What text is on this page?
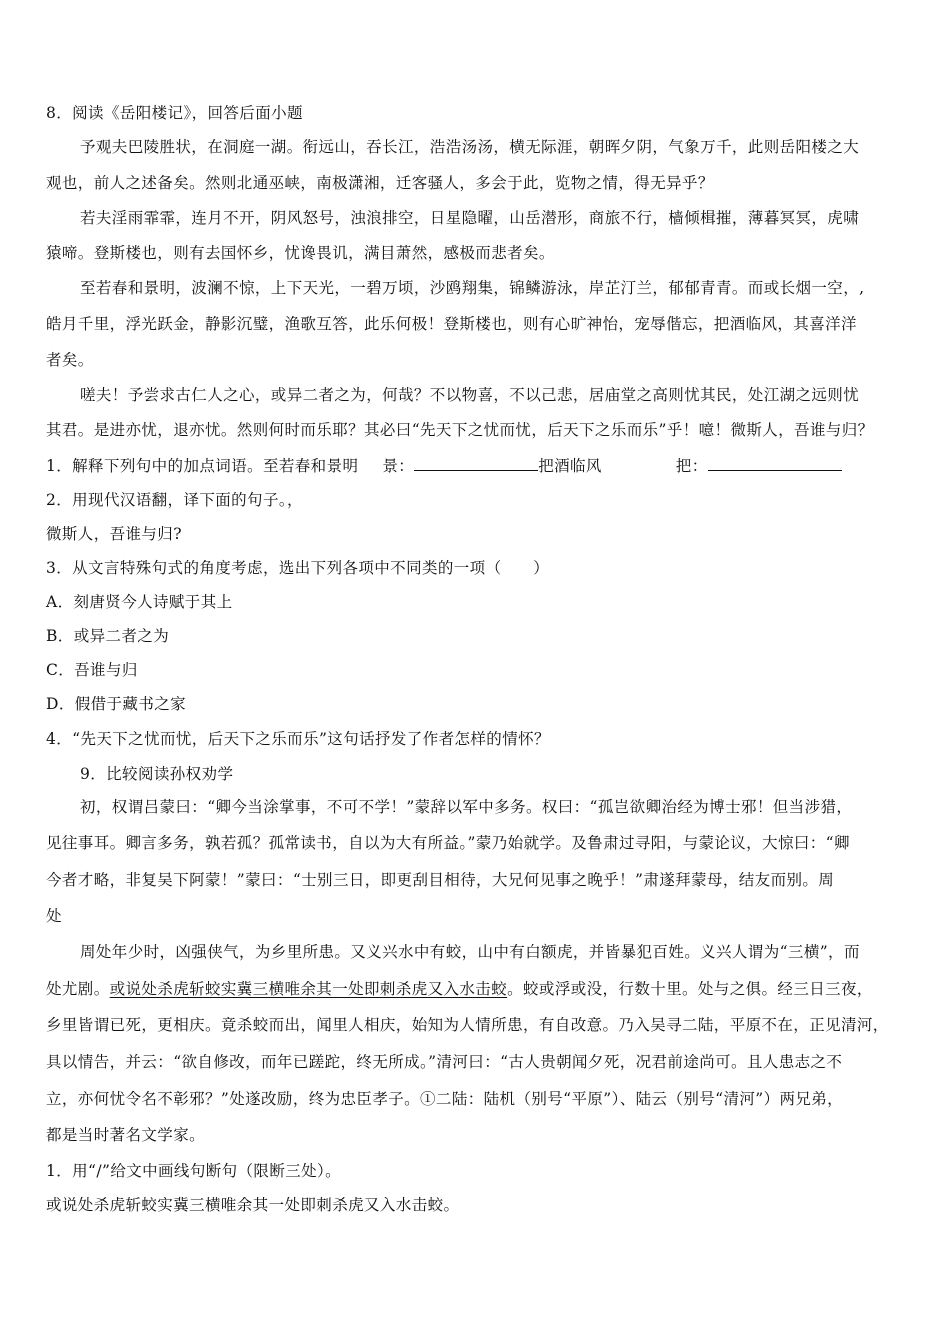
8．阅读《岳阳楼记》，回答后面小题
予观夫巴陵胜状，在洞庭一湖。衔远山，吞长江，浩浩汤汤，横无际涯，朝晖夕阴，气象万千，此则岳阳楼之大
观也，前人之述备矣。然则北通巫峡，南极潇湘，迁客骚人，多会于此，览物之情，得无异乎？
若夫淫雨霏霏，连月不开，阴风怒号，浊浪排空，日星隐曜，山岳潜形，商旅不行，樯倾楫摧，薄暮冥冥，虎啸
猿啼。登斯楼也，则有去国怀乡，忧谗畏讥，满目萧然，感极而悲者矣。
至若春和景明，波澜不惊，上下天光，一碧万顷，沙鸥翔集，锦鳞游泳，岸芷汀兰，郁郁青青。而或长烟一空，,
皓月千里，浮光跃金，静影沉璧，渔歌互答，此乐何极！登斯楼也，则有心旷神怡，宠辱偕忘，把酒临风，其喜洋洋
者矣。
嗟夫！予尝求古仁人之心，或异二者之为，何哉？不以物喜，不以己悲，居庙堂之高则忧其民，处江湖之远则忧
其君。是进亦忧，退亦忧。然则何时而乐耶？其必曰“先天下之忧而忧，后天下之乐而乐”乎！噫！微斯人，吾谁与归？
1．解释下列句中的加点词语。至若春和景明 景：	把酒临风	把：
2．用现代汉语翻，译下面的句子。，
微斯人，吾谁与归?
3．从文言特殊句式的角度考虑，选出下列各项中不同类的一项（　　）
A．刻唐贤今人诗赋于其上
B．或异二者之为
C．吾谁与归
D．假借于藏书之家
4．“先天下之忧而忧，后天下之乐而乐”这句话抒发了作者怎样的情怀？
9．比较阅读孙权劝学
初，权谓吕蒙曰：“卿今当涂掌事，不可不学！”蒙辞以军中多务。权曰：“孤岂欲卿治经为博士邪！但当涉猎，
见往事耳。卿言多务，孰若孤？孤常读书，自以为大有所益。”蒙乃始就学。及鲁肃过寻阳，与蒙论议，大惊曰：“卿
今者才略，非复吴下阿蒙！”蒙曰：“士别三日，即更刮目相待，大兄何见事之晚乎！”肃遂拜蒙母，结友而别。周
处
周处年少时，凶强侠气，为乡里所患。又义兴水中有蛟，山中有白额虎，并皆暴犯百姓。义兴人谓为“三横”，而
处尤剧。或说处杀虎斩蛟实冀三横唯余其一处即刺杀虎又入水击蛟。蛟或浮或没，行数十里。处与之俱。经三日三夜，
乡里皆谓已死，更相庆。竟杀蛟而出，闻里人相庆，始知为人情所患，有自改意。乃入吴寻二陆，平原不在，正见清河，
具以情告，并云：“欲自修改，而年已蹉跎，终无所成。”清河曰：“古人贵朝闻夕死，况君前途尚可。且人患志之不
立，亦何忧令名不彰邪？”处遂改励，终为忠臣孝子。①二陆：陆机（别号“平原”）、陆云（别号“清河”）两兄弟，
都是当时著名文学家。
1．用“/”给文中画线句断句（限断三处）。
或说处杀虎斩蛟实冀三横唯余其一处即刺杀虎又入水击蛟。
